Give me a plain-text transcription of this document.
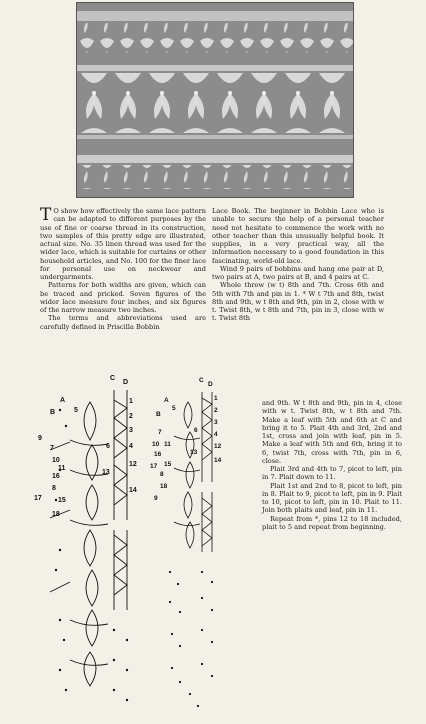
T O show how effectively the same lace pattern can be adapted to different purposes by the use of fine or coarse thread in its construction, two samples of this pretty edge are illustrated, actual size. No. 35 linen thread was used for the wider lace, which is suitable for curtains or other household articles, and No. 100 for the finer lace for personal use on neckwear and undergarments.

Patterns for both widths are given, which can be traced and pricked. Seven figures of the wider lace measure four inches, and six figures of the narrow measure two inches.

The terms and abbreviations used are carefully defined in Priscilla Bobbin

Lace Book. The beginner in Bobbin Lace who is unable to secure the help of a personal teacher need not hesitate to commence the work with no other teacher than this unusually helpful book. It supplies, in a very practical way, all the information necessary to a good foundation in this fascinating, world-old lace.

Wind 9 pairs of bobbins and hang one pair at D, two pairs at A, two pairs at B, and 4 pairs at C.

Whole throw (w t) 8th and 7th. Cross 6th and 5th with 7th and pin in 1. * W t 7th and 8th, twist 8th and 9th, w t 8th and 9th, pin in 2, close with w t. Twist 8th, w t 8th and 7th, pin in 3, close with w t. Twist 8th

and 9th. W t 8th and 9th, pin in 4, close with w t. Twist 8th, w t 8th and 7th. Make a leaf with 5th and 6th at C and bring it to 5. Plait 4th and 3rd, 2nd and 1st, cross and join with leaf, pin in 5. Make a leaf with 5th and 6th, bring it to 6, twist 7th, cross with 7th, pin in 6, close.

Plait 3rd and 4th to 7, picot to left, pin in 7. Plait down to 11.

Plait 1st and 2nd to 8, picot to left, pin in 8. Plait to 9, picot to left, pin in 9. Plait to 10, picot to left, pin in 10. Plait to 11. Join both plaits and leaf, pin in 11.

Repeat from *, pins 12 to 18 included, plait to 5 and repeat from beginning.

C
D
A
B
1
2
3
4
5
6
7
8
9
10
11
12
13
14
15
16
17
18
C
D
A
B
1
2
3
4
5
6
7
8
9
10 11	12
13
14
15
16
17
18
